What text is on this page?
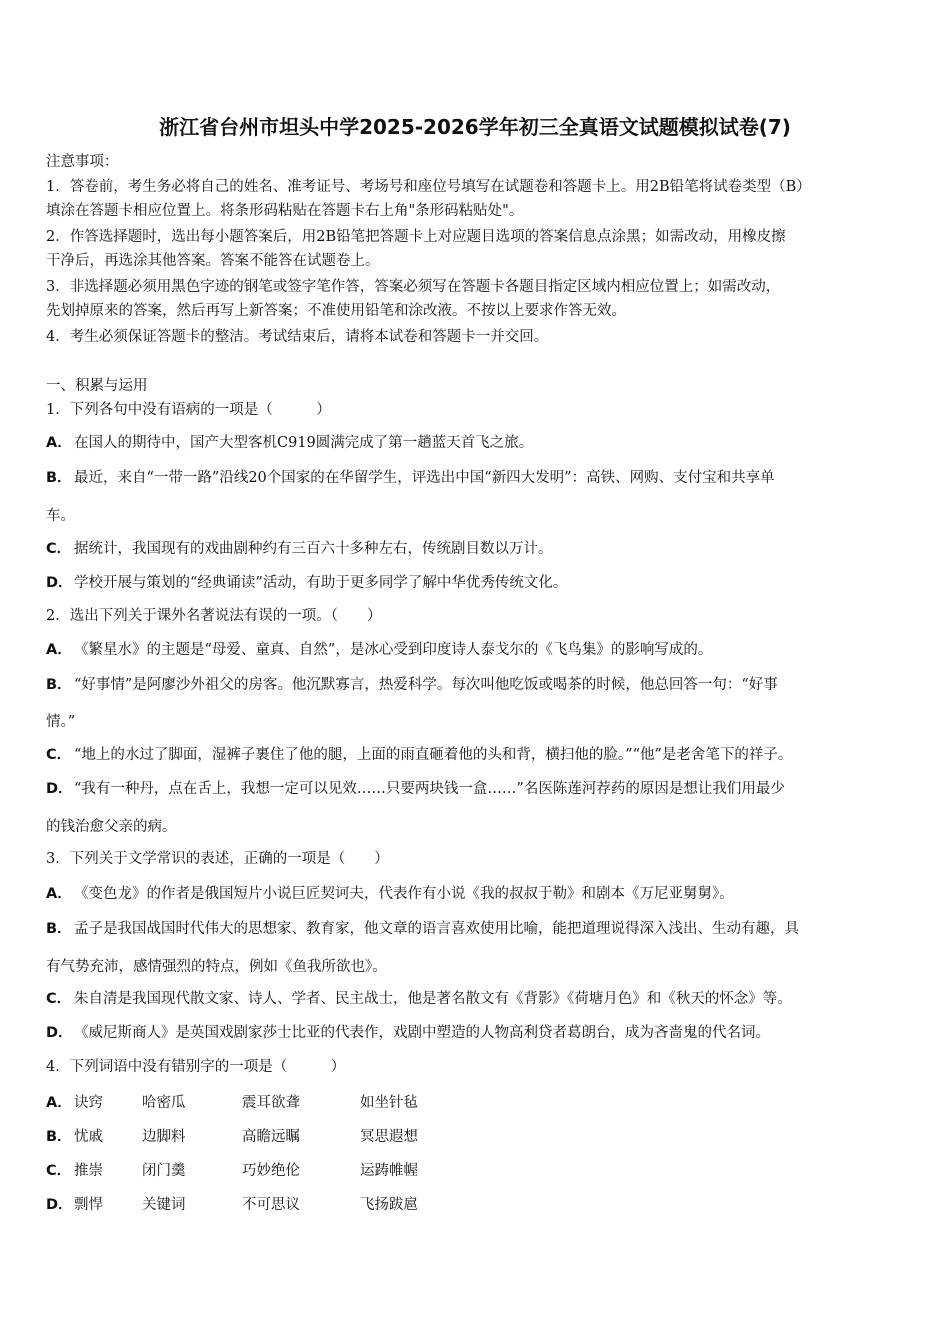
浙江省台州市坦头中学2025-2026学年初三全真语文试题模拟试卷(7)
注意事项：
1．答卷前，考生务必将自己的姓名、准考证号、考场号和座位号填写在试题卷和答题卡上。用2B铅笔将试卷类型（B）
填涂在答题卡相应位置上。将条形码粘贴在答题卡右上角"条形码粘贴处"。
2．作答选择题时，选出每小题答案后，用2B铅笔把答题卡上对应题目选项的答案信息点涂黑；如需改动，用橡皮擦
干净后，再选涂其他答案。答案不能答在试题卷上。
3．非选择题必须用黑色字迹的钢笔或签字笔作答，答案必须写在答题卡各题目指定区域内相应位置上；如需改动，
先划掉原来的答案，然后再写上新答案；不准使用铅笔和涂改液。不按以上要求作答无效。
4．考生必须保证答题卡的整洁。考试结束后，请将本试卷和答题卡一并交回。
一、积累与运用
1．下列各句中没有语病的一项是（　　　）
A． 在国人的期待中，国产大型客机C919圆满完成了第一趟蓝天首飞之旅。
B． 最近，来自“一带一路”沿线20个国家的在华留学生，评选出中国“新四大发明”：高铁、网购、支付宝和共享单
车。
C． 据统计，我国现有的戏曲剧种约有三百六十多种左右，传统剧目数以万计。
D．学校开展与策划的“经典诵读”活动，有助于更多同学了解中华优秀传统文化。
2．选出下列关于课外名著说法有误的一项。（　　）
A． 《繁星水》的主题是“母爱、童真、自然”，是冰心受到印度诗人泰戈尔的《飞鸟集》的影响写成的。
B． “好事情”是阿廖沙外祖父的房客。他沉默寡言，热爱科学。每次叫他吃饭或喝茶的时候，他总回答一句：“好事
情。”
C． “地上的水过了脚面，湿裤子裹住了他的腿，上面的雨直砸着他的头和背，横扫他的脸。”“他”是老舍笔下的祥子。
D．“我有一种丹，点在舌上，我想一定可以见效……只要两块钱一盒……”名医陈莲河荐药的原因是想让我们用最少
的钱治愈父亲的病。
3．下列关于文学常识的表述，正确的一项是（　　）
A． 《变色龙》的作者是俄国短片小说巨匠契诃夫，代表作有小说《我的叔叔于勒》和剧本《万尼亚舅舅》。
B． 孟子是我国战国时代伟大的思想家、教育家，他文章的语言喜欢使用比喻，能把道理说得深入浅出、生动有趣，具
有气势充沛，感情强烈的特点，例如《鱼我所欲也》。
C． 朱自清是我国现代散文家、诗人、学者、民主战士，他是著名散文有《背影》《荷塘月色》和《秋天的怀念》等。
D．《威尼斯商人》是英国戏剧家莎士比亚的代表作，戏剧中塑造的人物高利贷者葛朗台，成为吝啬鬼的代名词。
4．下列词语中没有错别字的一项是（　　　）
A． 诀窍	哈密瓜	震耳欲聋	如坐针毡
B． 忧戚	边脚料	高瞻远瞩	冥思遐想
C． 推崇	闭门羹	巧妙绝伦	运踌帷幄
D． 剽悍	关键词	不可思议	飞扬跋扈
